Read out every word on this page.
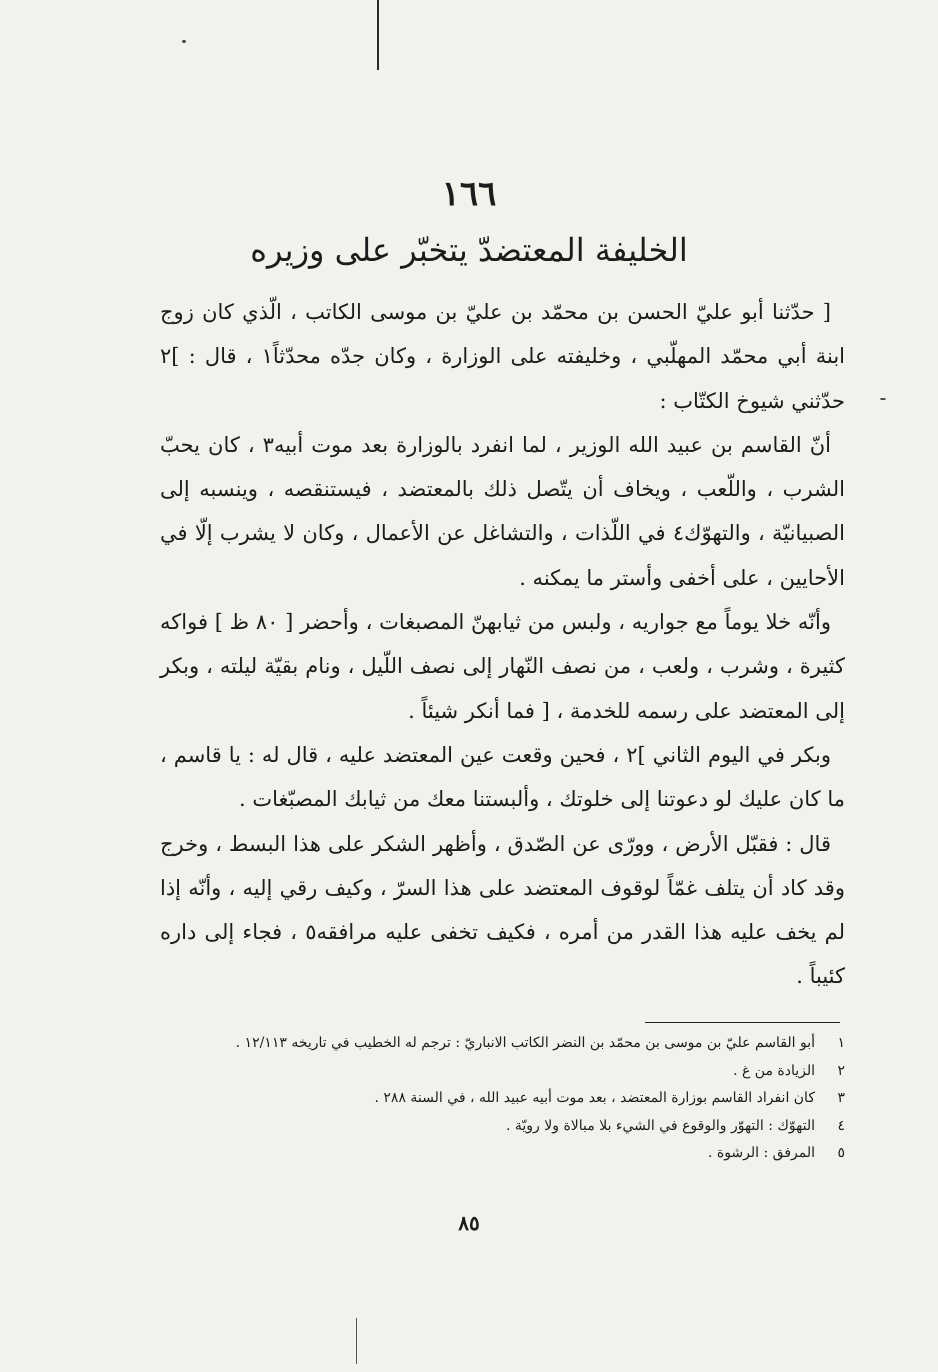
١٦٦
الخليفة المعتضدّ يتخبّر على وزيره

[ حدّثنا أبو عليّ الحسن بن محمّد بن عليّ بن موسى الكاتب ، الّذي كان زوج ابنة أبي محمّد المهلّبي ، وخليفته على الوزارة ، وكان جدّه محدّثاً١ ، قال : ]٢ حدّثني شيوخ الكتّاب :

أنّ القاسم بن عبيد الله الوزير ، لما انفرد بالوزارة بعد موت أبيه٣ ، كان يحبّ الشرب ، واللّعب ، ويخاف أن يتّصل ذلك بالمعتضد ، فيستنقصه ، وينسبه إلى الصبيانيّة ، والتهوّك٤ في اللّذات ، والتشاغل عن الأعمال ، وكان لا يشرب إلّا في الأحايين ، على أخفى وأستر ما يمكنه .

وأنّه خلا يوماً مع جواريه ، ولبس من ثيابهنّ المصبغات ، وأحضر [ ٨٠ ظ ] فواكه كثيرة ، وشرب ، ولعب ، من نصف النّهار إلى نصف اللّيل ، ونام بقيّة ليلته ، وبكر إلى المعتضد على رسمه للخدمة ، [ فما أنكر شيئاً .

وبكر في اليوم الثاني ]٢ ، فحين وقعت عين المعتضد عليه ، قال له : يا قاسم ، ما كان عليك لو دعوتنا إلى خلوتك ، وألبستنا معك من ثيابك المصبّغات .

قال : فقبّل الأرض ، وورّى عن الصّدق ، وأظهر الشكر على هذا البسط ، وخرج وقد كاد أن يتلف غمّاً لوقوف المعتضد على هذا السرّ ، وكيف رقي إليه ، وأنّه إذا لم يخف عليه هذا القدر من أمره ، فكيف تخفى عليه مرافقه٥ ، فجاء إلى داره كئيباً .

١
أبو القاسم عليّ بن موسى بن محمّد بن النضر الكاتب الانباريّ : ترجم له الخطيب في تاريخه ١٢/١١٣ .
٢
الزيادة من غ .
٣
كان انفراد القاسم بوزارة المعتضد ، بعد موت أبيه عبيد الله ، في السنة ٢٨٨ .
٤
التهوّك : التهوّر والوقوع في الشيء بلا مبالاة ولا رويّة .
٥
المرفق : الرشوة .
٨٥
